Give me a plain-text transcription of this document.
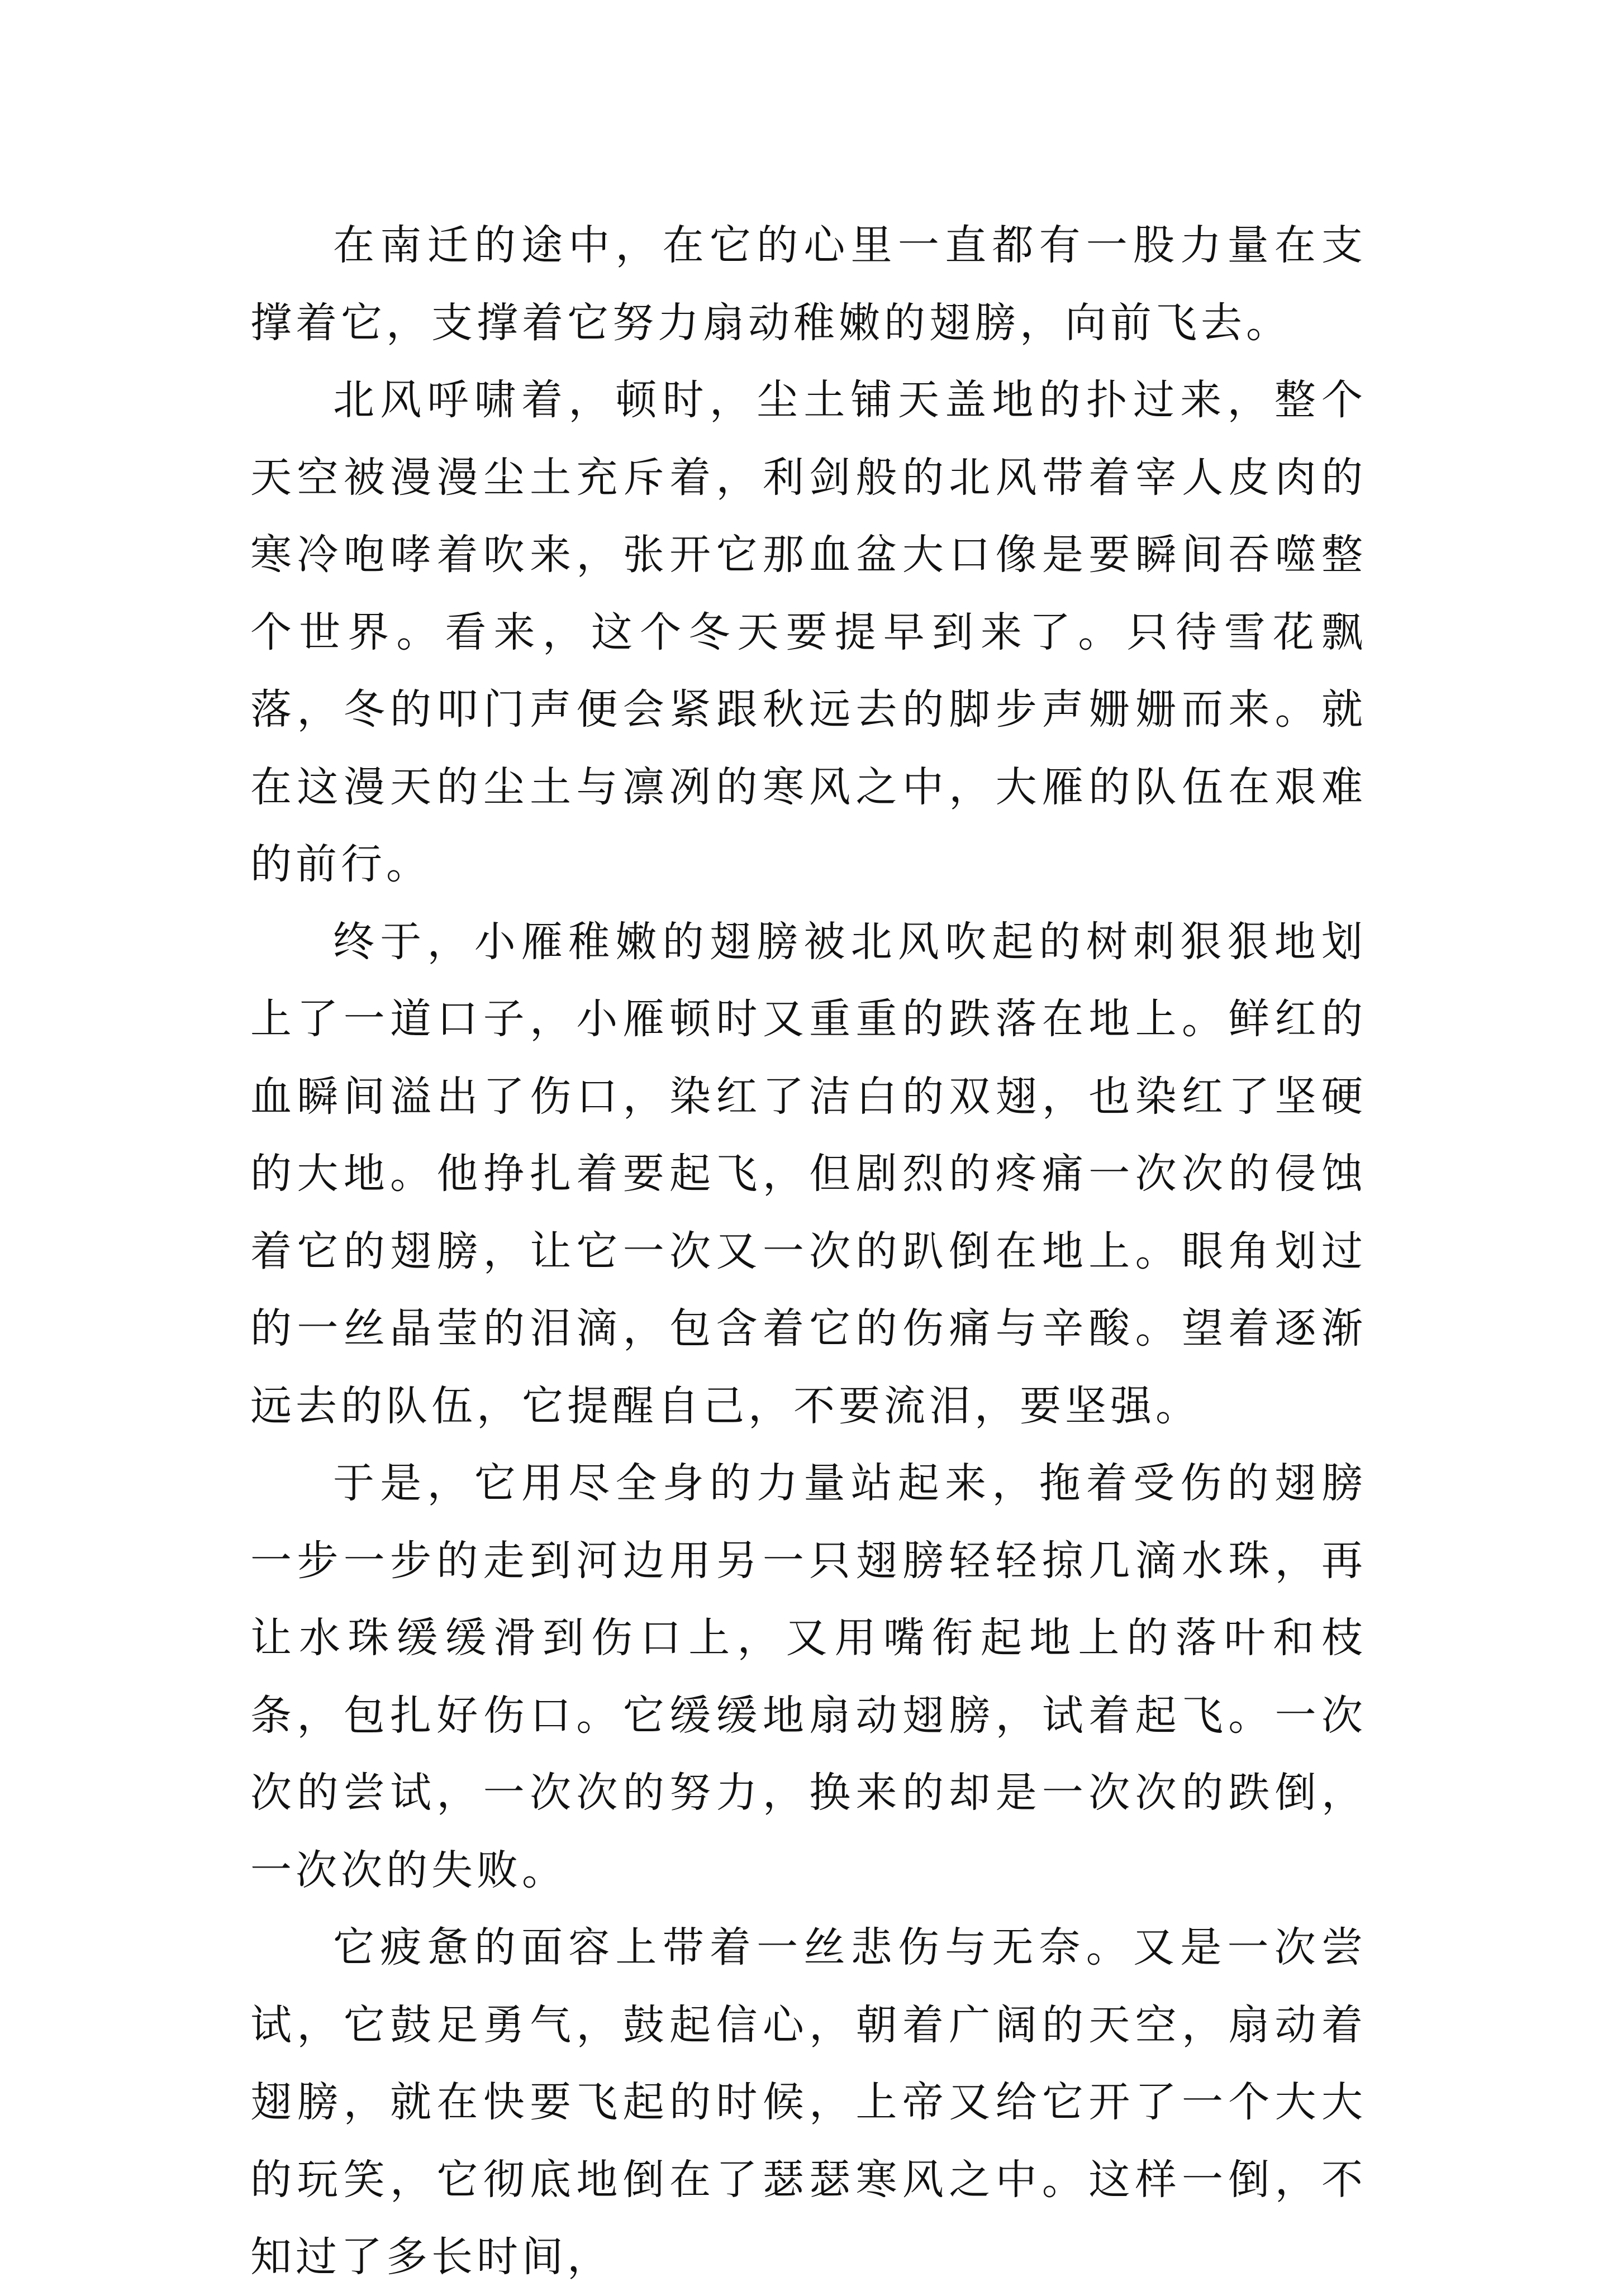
在南迁的途中，在它的心里一直都有一股力量在支撑着它，支撑着它努力扇动稚嫩的翅膀，向前飞去。

北风呼啸着，顿时，尘土铺天盖地的扑过来，整个天空被漫漫尘土充斥着，利剑般的北风带着宰人皮肉的寒冷咆哮着吹来，张开它那血盆大口像是要瞬间吞噬整个世界。看来，这个冬天要提早到来了。只待雪花飘落，冬的叩门声便会紧跟秋远去的脚步声姗姗而来。就在这漫天的尘土与凛冽的寒风之中，大雁的队伍在艰难的前行。

终于，小雁稚嫩的翅膀被北风吹起的树刺狠狠地划上了一道口子，小雁顿时又重重的跌落在地上。鲜红的血瞬间溢出了伤口，染红了洁白的双翅，也染红了坚硬的大地。他挣扎着要起飞，但剧烈的疼痛一次次的侵蚀着它的翅膀，让它一次又一次的趴倒在地上。眼角划过的一丝晶莹的泪滴，包含着它的伤痛与辛酸。望着逐渐远去的队伍，它提醒自己，不要流泪，要坚强。

于是，它用尽全身的力量站起来，拖着受伤的翅膀一步一步的走到河边用另一只翅膀轻轻掠几滴水珠，再让水珠缓缓滑到伤口上，又用嘴衔起地上的落叶和枝条，包扎好伤口。它缓缓地扇动翅膀，试着起飞。一次次的尝试，一次次的努力，换来的却是一次次的跌倒，一次次的失败。

它疲惫的面容上带着一丝悲伤与无奈。又是一次尝试，它鼓足勇气，鼓起信心，朝着广阔的天空，扇动着翅膀，就在快要飞起的时候，上帝又给它开了一个大大的玩笑，它彻底地倒在了瑟瑟寒风之中。这样一倒，不知过了多长时间，
